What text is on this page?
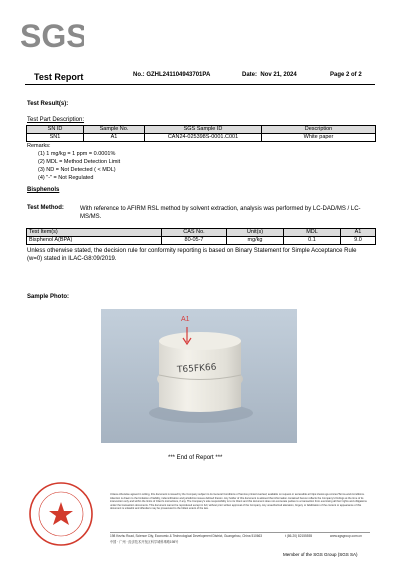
SGS
Test Report	No.: GZHL241104943701PA	Date: Nov 21, 2024	Page 2 of 2
Test Result(s):
Test Part Description:
SN ID	Sample No.	SGS Sample ID	Description
SN1	A1	CAN24-025398S-0001.C001	White paper
Remarks:
(1) 1 mg/kg = 1 ppm = 0.0001%
(2) MDL = Method Detection Limit
(3) ND = Not Detected ( < MDL)
(4) "-" = Not Regulated
Bisphenols
Test Method:	With reference to AFIRM RSL method by solvent extraction, analysis was performed by LC-DAD/MS / LC-MS/MS.
Test Item(s)	CAS No.	Unit(s)	MDL	A1
Bisphenol A(BPA)	80-05-7	mg/kg	0.1	9.0
Unless otherwise stated, the decision rule for conformity reporting is based on Binary Statement for Simple Acceptance Rule (w=0) stated in ILAC-G8:09/2019.
Sample Photo:
A1
T65FK66
*** End of Report ***
Unless otherwise agreed in writing, this document is issued by the Company subject to its General Conditions of Service printed overleaf, available on request or accessible at https://www.sgs.com/en/Terms-and-Conditions. Attention is drawn to the limitation of liability, indemnification and jurisdiction issues defined therein. Any holder of this document is advised that information contained hereon reflects the Company's findings at the time of its intervention only and within the limits of Client's instructions, if any. The Company's sole responsibility is to its Client and this document does not exonerate parties to a transaction from exercising all their rights and obligations under the transaction documents. This document cannot be reproduced except in full, without prior written approval of the Company. Any unauthorized alteration, forgery or falsification of the content or appearance of this document is unlawful and offenders may be prosecuted to the fullest extent of the law.
198 Kezhu Road, Science City, Economic & Technological Development District, Guangzhou, China 510663
中国 · 广州 · 经济技术开发区科学城科珠路198号
t (86-20) 82155555	www.sgsgroup.com.cn
Member of the SGS Group (SGS SA)
